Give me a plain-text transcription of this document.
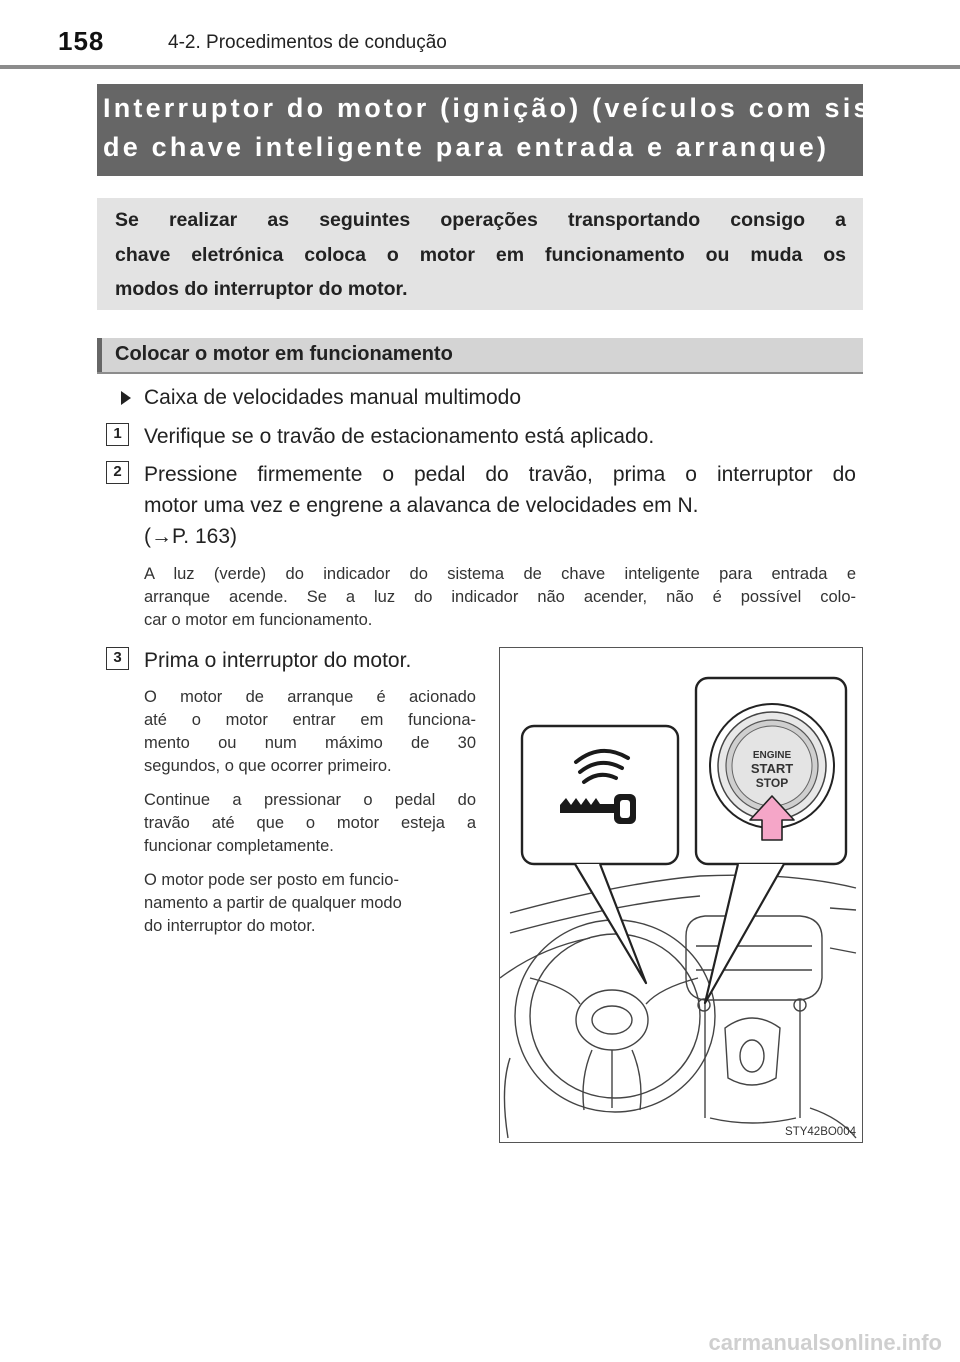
158	4-2. Procedimentos de condução
Interruptor do motor (ignição) (veículos com sistema
de chave inteligente para entrada e arranque)
Se realizar as seguintes operações transportando consigo a
chave eletrónica coloca o motor em funcionamento ou muda os
modos do interruptor do motor.
Colocar o motor em funcionamento
Caixa de velocidades manual multimodo
1	Verifique se o travão de estacionamento está aplicado.
2	Pressione firmemente o pedal do travão, prima o interruptor do
motor uma vez e engrene a alavanca de velocidades em N.
(→P. 163)
A luz (verde) do indicador do sistema de chave inteligente para entrada e
arranque acende. Se a luz do indicador não acender, não é possível colo-
car o motor em funcionamento.
3	Prima o interruptor do motor.
O motor de arranque é acionado
até o motor entrar em funciona-
mento ou num máximo de 30
segundos, o que ocorrer primeiro.
Continue a pressionar o pedal do
travão até que o motor esteja a
funcionar completamente.
O motor pode ser posto em funcio-
namento a partir de qualquer modo
do interruptor do motor.
ENGINE
START
STOP
STY42BO004
carmanualsonline.info
